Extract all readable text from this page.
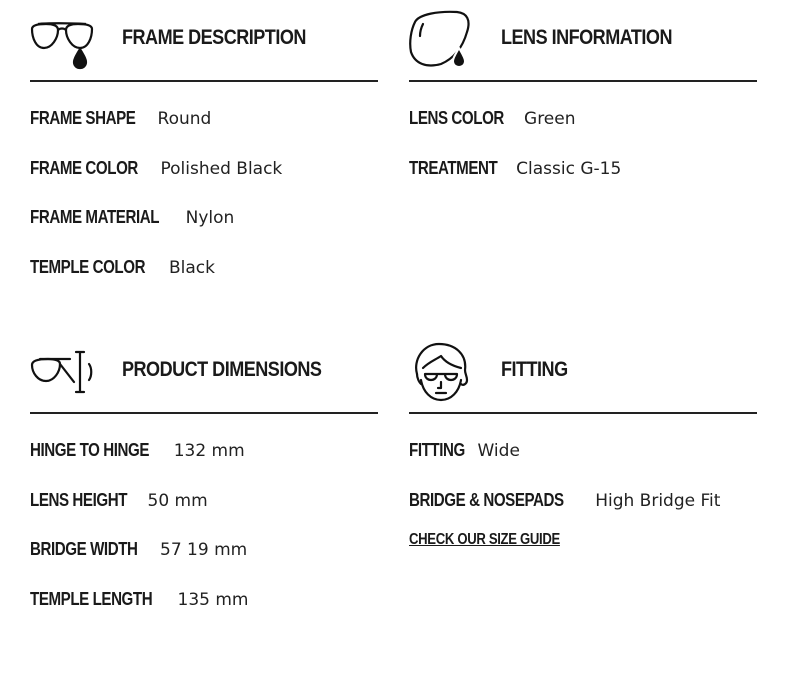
FRAME DESCRIPTION
FRAME SHAPE Round
FRAME COLOR Polished Black
FRAME MATERIAL Nylon
TEMPLE COLOR Black
LENS INFORMATION
LENS COLOR Green
TREATMENT Classic G-15
PRODUCT DIMENSIONS
HINGE TO HINGE 132 mm
LENS HEIGHT 50 mm
BRIDGE WIDTH 57 19 mm
TEMPLE LENGTH 135 mm
FITTING
FITTING Wide
BRIDGE & NOSEPADS High Bridge Fit
CHECK OUR SIZE GUIDE
